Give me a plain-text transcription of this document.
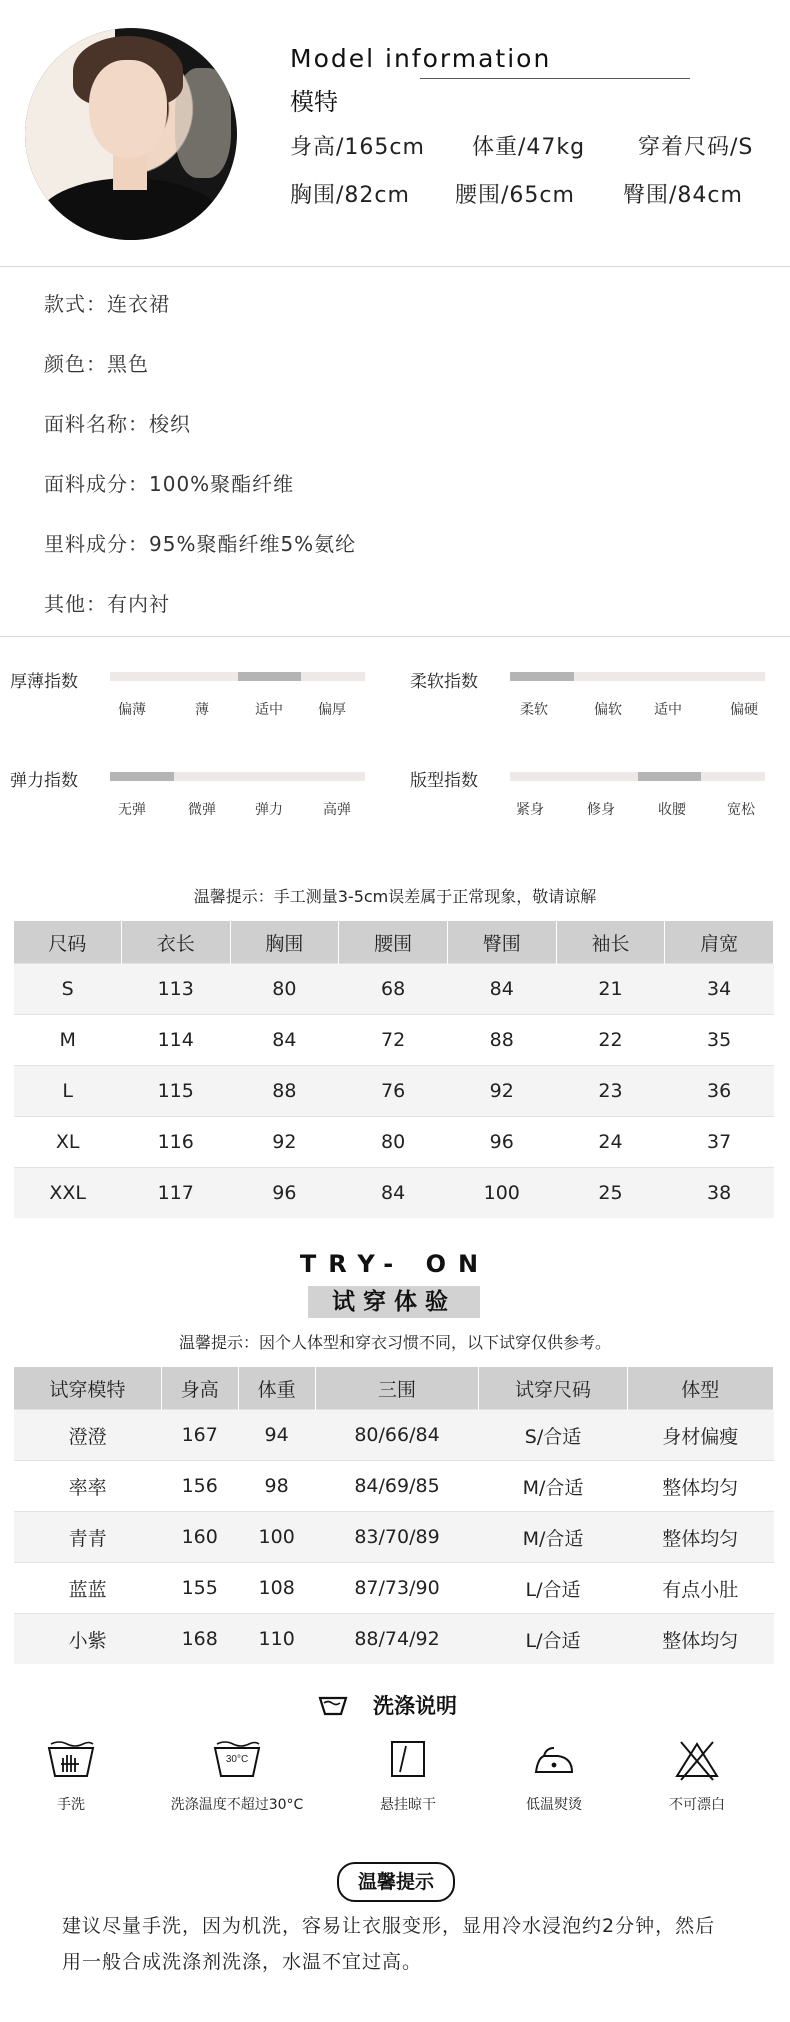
Model information
模特
身高/165cm 体重/47kg 穿着尺码/S
胸围/82cm 腰围/65cm 臀围/84cm
款式：连衣裙
颜色：黑色
面料名称：梭织
面料成分：100%聚酯纤维
里料成分：95%聚酯纤维5%氨纶
其他：有内衬
厚薄指数
偏薄	薄	适中	偏厚
柔软指数
柔软	偏软 适中	偏硬
弹力指数
无弹	微弹	弹力	高弹
版型指数
紧身	修身	收腰	宽松
温馨提示：手工测量3-5cm误差属于正常现象，敬请谅解
尺码	衣长	胸围	腰围	臀围	袖长	肩宽
S	113	80	68	84	21	34
M	114	84	72	88	22	35
L	115	88	76	92	23	36
XL	116	92	80	96	24	37
XXL	117	96	84	100	25	38
TRY- ON
试穿体验
温馨提示：因个人体型和穿衣习惯不同，以下试穿仅供参考。
试穿模特	身高	体重	三围	试穿尺码	体型
澄澄	167	94	80/66/84	S/合适	身材偏瘦
率率	156	98	84/69/85	M/合适	整体均匀
青青	160	100	83/70/89	M/合适	整体均匀
蓝蓝	155	108	87/73/90	L/合适	有点小肚
小紫	168	110	88/74/92	L/合适	整体均匀
洗涤说明
手洗
30°C
洗涤温度不超过30°C	悬挂晾干	低温熨烫	不可漂白
温馨提示
建议尽量手洗，因为机洗，容易让衣服变形，显用冷水浸泡约2分钟，然后
用一般合成洗涤剂洗涤，水温不宜过高。
